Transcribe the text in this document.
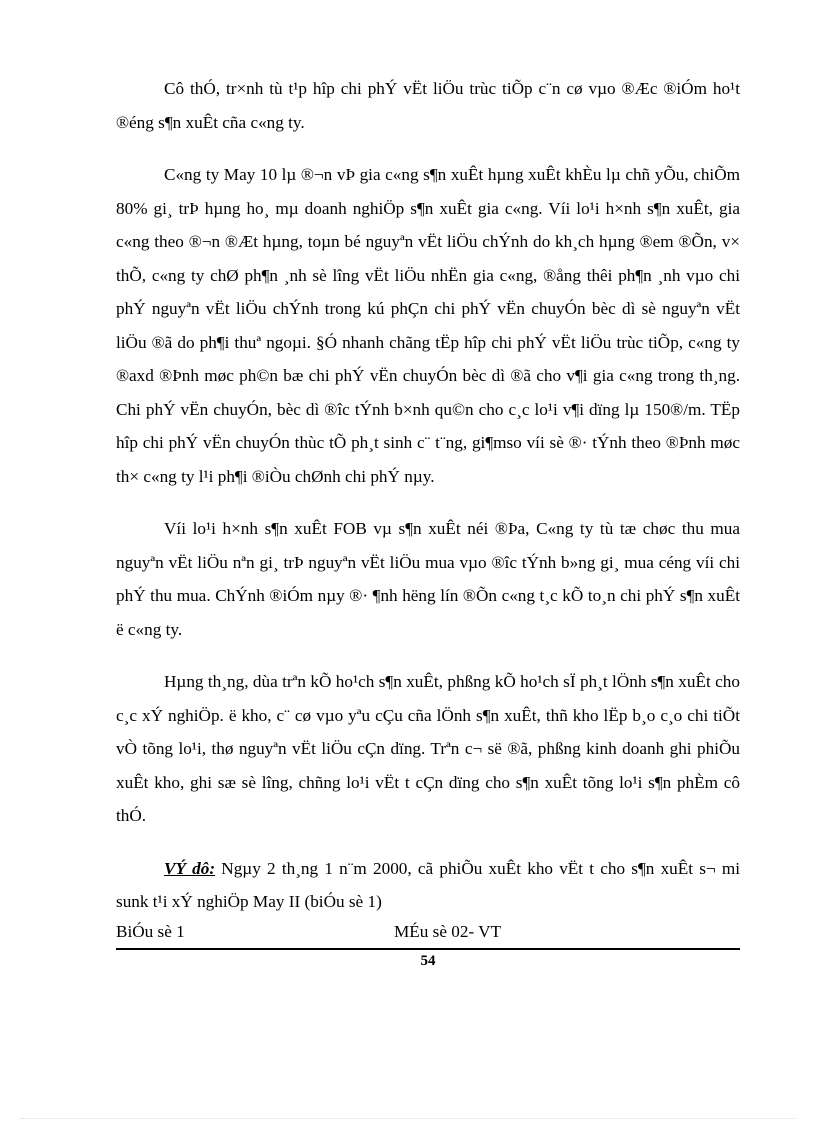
Cô thÓ, tr×nh tù t¹p hîp chi phÝ vËt liÖu trùc tiÕp c¨n cø vµo ®Æc ®iÓm ho¹t ®éng s¶n xuÊt cña c«ng ty.

C«ng ty May 10 lµ ®¬n vÞ gia c«ng s¶n xuÊt hµng xuÊt khÈu lµ chñ yÕu, chiÕm 80% gi¸ trÞ hµng ho¸ mµ doanh nghiÖp s¶n xuÊt gia c«ng. Víi lo¹i h×nh s¶n xuÊt, gia c«ng theo ®¬n ®Æt hµng, toµn bé nguyªn vËt liÖu chÝnh do kh¸ch hµng ®em ®Õn, v× thÕ, c«ng ty chØ ph¶n ¸nh sè lîng vËt liÖu nhËn gia c«ng, ®ång thêi ph¶n ¸nh vµo chi phÝ nguyªn vËt liÖu chÝnh trong kú phÇn chi phÝ vËn chuyÓn bèc dì sè nguyªn vËt liÖu ®ã do ph¶i thuª ngoµi. §Ó nhanh chãng tËp hîp chi phÝ vËt liÖu trùc tiÕp, c«ng ty ®axd ®Þnh møc ph©n bæ chi phÝ vËn chuyÓn bèc dì ®ã cho v¶i gia c«ng trong th¸ng. Chi phÝ vËn chuyÓn, bèc dì ®îc tÝnh b×nh qu©n cho c¸c lo¹i v¶i dïng lµ 150®/m. TËp hîp chi phÝ vËn chuyÓn thùc tÕ ph¸t sinh c¨ t¨ng, gi¶mso víi sè ®· tÝnh theo ®Þnh møc th× c«ng ty l¹i ph¶i ®iÒu chØnh chi phÝ nµy.

Víi lo¹i h×nh s¶n xuÊt FOB vµ s¶n xuÊt néi ®Þa, C«ng ty tù tæ chøc thu mua nguyªn vËt liÖu nªn gi¸ trÞ nguyªn vËt liÖu mua vµo ®îc tÝnh b»ng gi¸ mua céng víi chi phÝ thu mua. ChÝnh ®iÓm nµy ®· ¶nh hëng lín ®Õn c«ng t¸c kÕ to¸n chi phÝ s¶n xuÊt ë c«ng ty.

Hµng th¸ng, dùa trªn kÕ ho¹ch s¶n xuÊt, phßng kÕ ho¹ch sÏ ph¸t lÖnh s¶n xuÊt cho c¸c xÝ nghiÖp. ë kho, c¨ cø vµo yªu cÇu cña lÖnh s¶n xuÊt, thñ kho lËp b¸o c¸o chi tiÕt vÒ tõng lo¹i, thø nguyªn vËt liÖu cÇn dïng. Trªn c¬ së ®ã, phßng kinh doanh ghi phiÕu xuÊt kho, ghi sæ sè lîng, chñng lo¹i vËt t cÇn dïng cho s¶n xuÊt tõng lo¹i s¶n phÈm cô thÓ.

VÝ dô: Ngµy 2 th¸ng 1 n¨m 2000, cã phiÕu xuÊt kho vËt t cho s¶n xuÊt s¬ mi sunk t¹i xÝ nghiÖp May II (biÓu sè 1)

BiÓu sè 1	MÉu sè 02- VT
54
